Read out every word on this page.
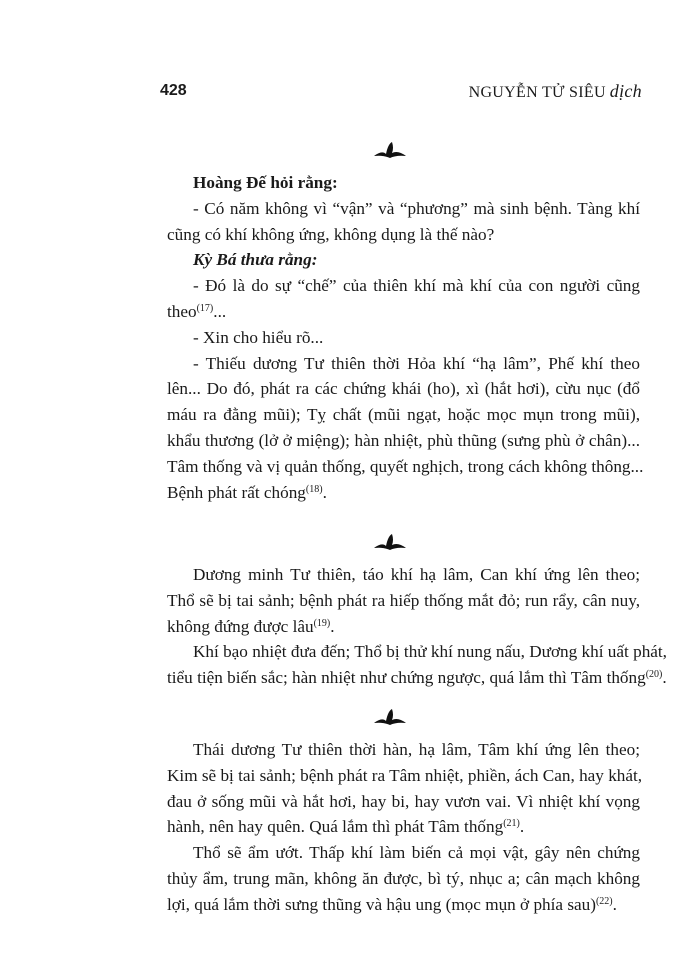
428	NGUYỄN TỬ SIÊU dịch
Hoàng Đế hỏi rằng:
- Có năm không vì “vận” và “phương” mà sinh bệnh. Tàng khí
cũng có khí không ứng, không dụng là thế nào?
Kỳ Bá thưa rằng:
- Đó là do sự “chế” của thiên khí mà khí của con người cũng
theo$^{(17)}$...
- Xin cho hiểu rõ...
- Thiếu dương Tư thiên thời Hỏa khí “hạ lâm”, Phế khí theo
lên... Do đó, phát ra các chứng khái (ho), xì (hắt hơi), cừu nục (đổ
máu ra đằng mũi); Tỵ chất (mũi ngạt, hoặc mọc mụn trong mũi),
khẩu thương (lở ở miệng); hàn nhiệt, phù thũng (sưng phù ở chân)...
Tâm thống và vị quản thống, quyết nghịch, trong cách không thông...
Bệnh phát rất chóng$^{(18)}$.
Dương minh Tư thiên, táo khí hạ lâm, Can khí ứng lên theo;
Thổ sẽ bị tai sảnh; bệnh phát ra hiếp thống mắt đỏ; run rẩy, cân nuy,
không đứng được lâu$^{(19)}$.
Khí bạo nhiệt đưa đến; Thổ bị thử khí nung nấu, Dương khí uất phát,
tiểu tiện biến sắc; hàn nhiệt như chứng ngược, quá lắm thì Tâm thống$^{(20)}$.
Thái dương Tư thiên thời hàn, hạ lâm, Tâm khí ứng lên theo;
Kim sẽ bị tai sảnh; bệnh phát ra Tâm nhiệt, phiền, ách Can, hay khát,
đau ở sống mũi và hắt hơi, hay bi, hay vươn vai. Vì nhiệt khí vọng
hành, nên hay quên. Quá lắm thì phát Tâm thống$^{(21)}$.
Thổ sẽ ẩm ướt. Thấp khí làm biến cả mọi vật, gây nên chứng
thủy ẩm, trung mãn, không ăn được, bì tý, nhục a; cân mạch không
lợi, quá lắm thời sưng thũng và hậu ung (mọc mụn ở phía sau)$^{(22)}$.
